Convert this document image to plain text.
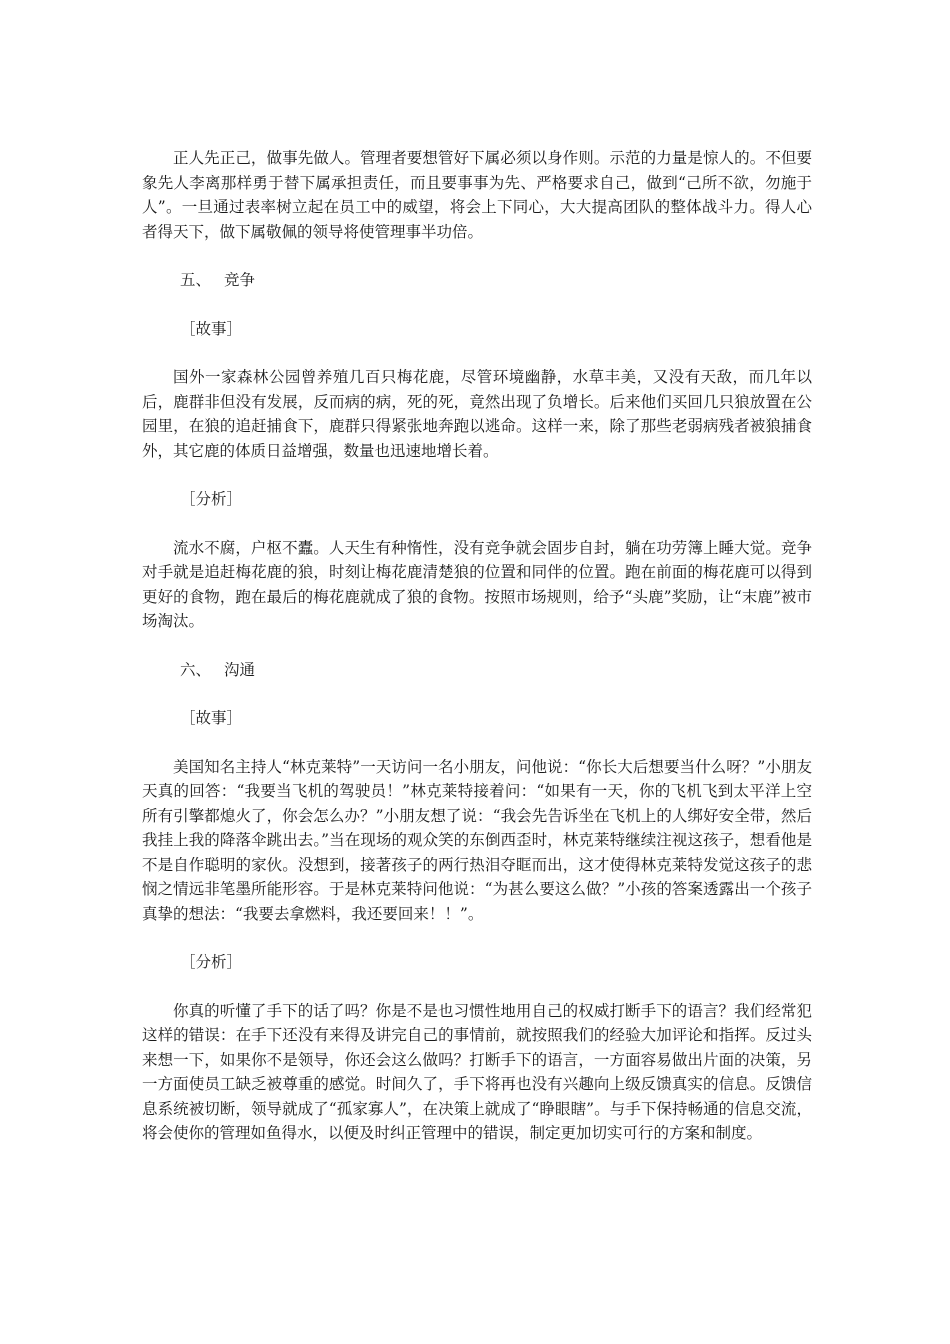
正人先正己，做事先做人。管理者要想管好下属必须以身作则。示范的力量是惊人的。不但要象先人李离那样勇于替下属承担责任，而且要事事为先、严格要求自己，做到“己所不欲，勿施于人”。一旦通过表率树立起在员工中的威望，将会上下同心，大大提高团队的整体战斗力。得人心者得天下，做下属敬佩的领导将使管理事半功倍。

五、 竞争

［故事］

国外一家森林公园曾养殖几百只梅花鹿，尽管环境幽静，水草丰美，又没有天敌，而几年以后，鹿群非但没有发展，反而病的病，死的死，竟然出现了负增长。后来他们买回几只狼放置在公园里，在狼的追赶捕食下，鹿群只得紧张地奔跑以逃命。这样一来，除了那些老弱病残者被狼捕食外，其它鹿的体质日益增强，数量也迅速地增长着。

［分析］

流水不腐，户枢不蠹。人天生有种惰性，没有竞争就会固步自封，躺在功劳簿上睡大觉。竞争对手就是追赶梅花鹿的狼，时刻让梅花鹿清楚狼的位置和同伴的位置。跑在前面的梅花鹿可以得到更好的食物，跑在最后的梅花鹿就成了狼的食物。按照市场规则，给予“头鹿”奖励，让“末鹿”被市场淘汰。

六、 沟通

［故事］

美国知名主持人“林克莱特”一天访问一名小朋友，问他说：“你长大后想要当什么呀？”小朋友天真的回答：“我要当飞机的驾驶员！”林克莱特接着问：“如果有一天，你的飞机飞到太平洋上空所有引擎都熄火了，你会怎么办？”小朋友想了说：“我会先告诉坐在飞机上的人绑好安全带，然后我挂上我的降落伞跳出去。”当在现场的观众笑的东倒西歪时，林克莱特继续注视这孩子，想看他是不是自作聪明的家伙。没想到，接著孩子的两行热泪夺眶而出，这才使得林克莱特发觉这孩子的悲悯之情远非笔墨所能形容。于是林克莱特问他说：“为甚么要这么做？”小孩的答案透露出一个孩子真挚的想法：“我要去拿燃料，我还要回来！！”。

［分析］

你真的听懂了手下的话了吗？你是不是也习惯性地用自己的权威打断手下的语言？我们经常犯这样的错误：在手下还没有来得及讲完自己的事情前，就按照我们的经验大加评论和指挥。反过头来想一下，如果你不是领导，你还会这么做吗？打断手下的语言，一方面容易做出片面的决策，另一方面使员工缺乏被尊重的感觉。时间久了，手下将再也没有兴趣向上级反馈真实的信息。反馈信息系统被切断，领导就成了“孤家寡人”，在决策上就成了“睁眼瞎”。与手下保持畅通的信息交流，将会使你的管理如鱼得水，以便及时纠正管理中的错误，制定更加切实可行的方案和制度。
